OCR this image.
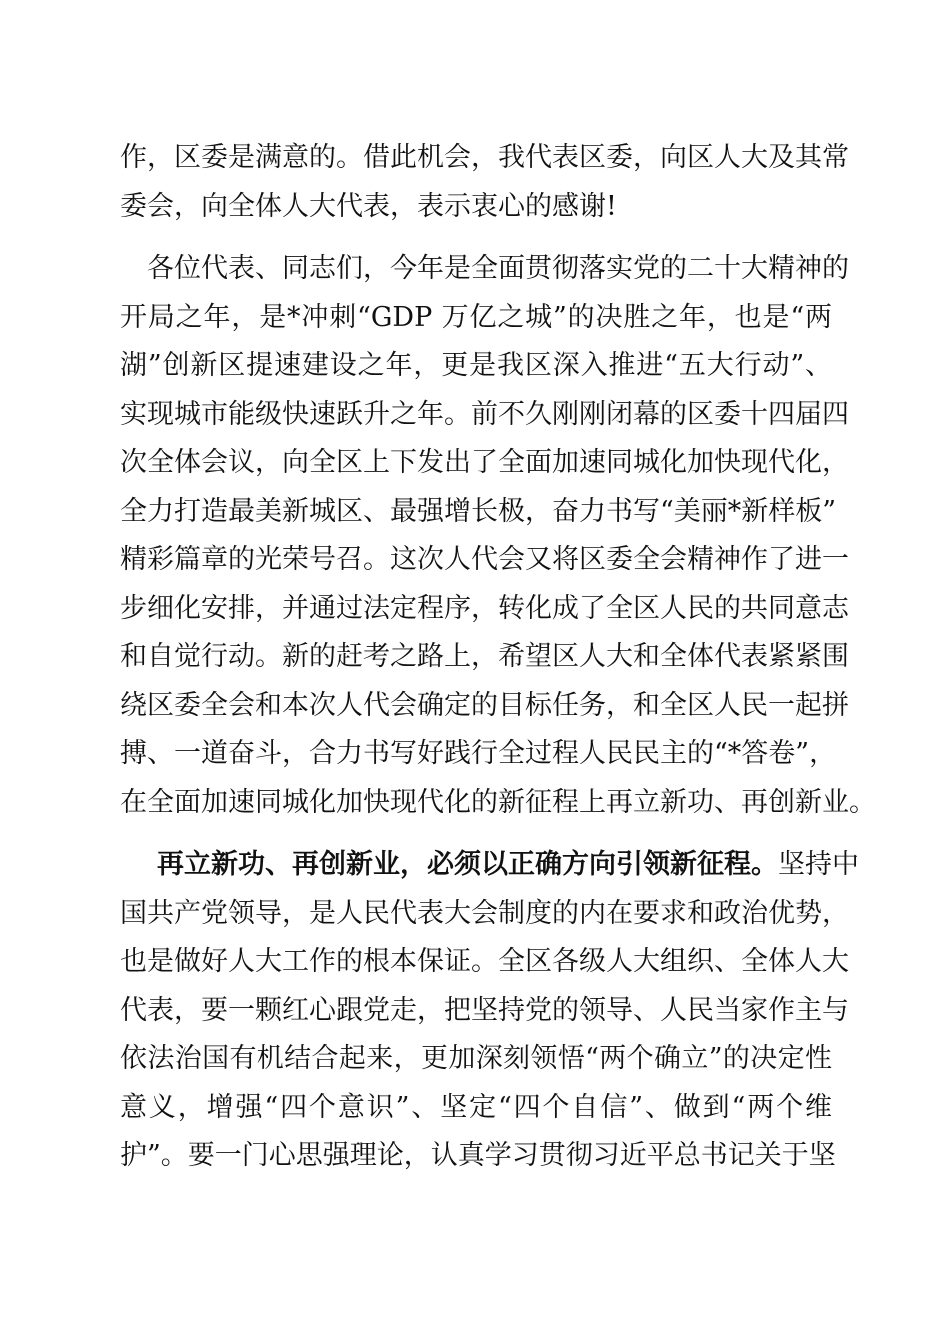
作，区委是满意的。借此机会，我代表区委，向区人大及其常
委会，向全体人大代表，表示衷心的感谢!
各位代表、同志们，今年是全面贯彻落实党的二十大精神的
开局之年，是*冲刺“GDP 万亿之城”的决胜之年，也是“两
湖”创新区提速建设之年，更是我区深入推进“五大行动”、
实现城市能级快速跃升之年。前不久刚刚闭幕的区委十四届四
次全体会议，向全区上下发出了全面加速同城化加快现代化，
全力打造最美新城区、最强增长极，奋力书写“美丽*新样板”
精彩篇章的光荣号召。这次人代会又将区委全会精神作了进一
步细化安排，并通过法定程序，转化成了全区人民的共同意志
和自觉行动。新的赶考之路上，希望区人大和全体代表紧紧围
绕区委全会和本次人代会确定的目标任务，和全区人民一起拼
搏、一道奋斗，合力书写好践行全过程人民民主的“*答卷”，
在全面加速同城化加快现代化的新征程上再立新功、再创新业。
再立新功、再创新业，必须以正确方向引领新征程。坚持中
国共产党领导，是人民代表大会制度的内在要求和政治优势，
也是做好人大工作的根本保证。全区各级人大组织、全体人大
代表，要一颗红心跟党走，把坚持党的领导、人民当家作主与
依法治国有机结合起来，更加深刻领悟“两个确立”的决定性
意义，增强“四个意识”、坚定“四个自信”、做到“两个维
护”。要一门心思强理论，认真学习贯彻习近平总书记关于坚
